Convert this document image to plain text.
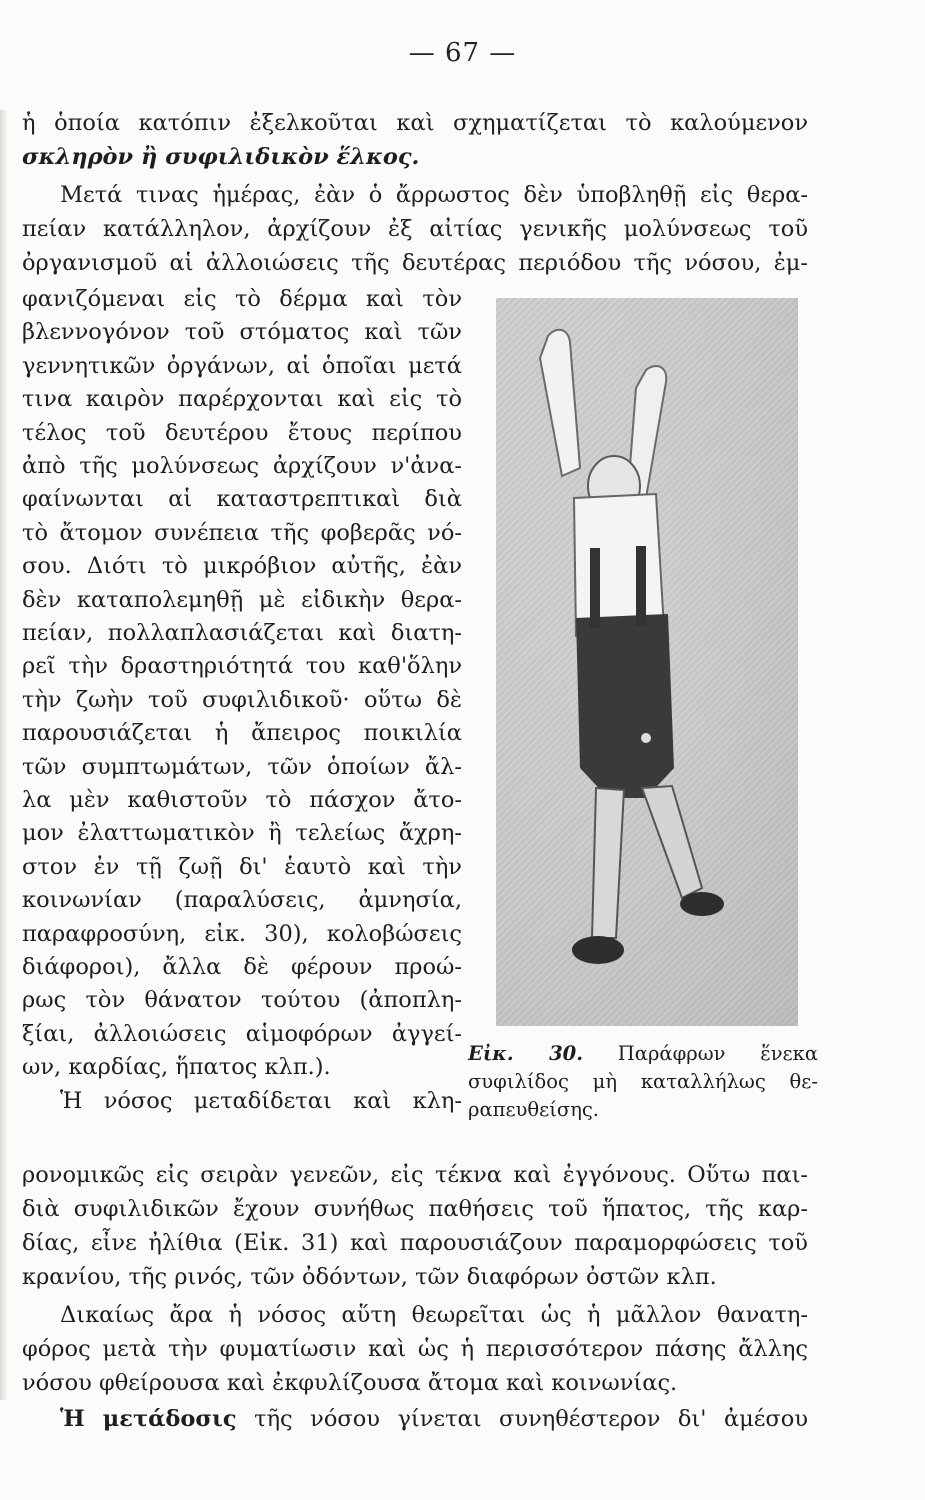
— 67 —
ἡ ὁποία κατόπιν ἐξελκοῦται καὶ σχηματίζεται τὸ καλούμενον
σκληρὸν ἢ συφιλιδικὸν ἕλκος.
Μετά τινας ἡμέρας, ἐὰν ὁ ἄρρωστος δὲν ὑποβληθῇ εἰς θερα-
πείαν κατάλληλον, ἀρχίζουν ἐξ αἰτίας γενικῆς μολύνσεως τοῦ
ὀργανισμοῦ αἱ ἀλλοιώσεις τῆς δευτέρας περιόδου τῆς νόσου, ἐμ-
Εἰκ. 30. Παράφρων ἕνεκα
συφιλίδος μὴ καταλλήλως θε-
ραπευθείσης.
ρονομικῶς εἰς σειρὰν γενεῶν, εἰς τέκνα καὶ ἐγγόνους. Οὕτω παι-
διὰ συφιλιδικῶν ἔχουν συνήθως παθήσεις τοῦ ἥπατος, τῆς καρ-
δίας, εἶνε ἠλίθια (Εἰκ. 31) καὶ παρουσιάζουν παραμορφώσεις τοῦ
κρανίου, τῆς ρινός, τῶν ὀδόντων, τῶν διαφόρων ὀστῶν κλπ.
Δικαίως ἄρα ἡ νόσος αὕτη θεωρεῖται ὡς ἡ μᾶλλον θανατη-
φόρος μετὰ τὴν φυματίωσιν καὶ ὡς ἡ περισσότερον πάσης ἄλλης
νόσου φθείρουσα καὶ ἐκφυλίζουσα ἄτομα καὶ κοινωνίας.
Ἡ μετάδοσις τῆς νόσου γίνεται συνηθέστερον δι' ἀμέσου
φανιζόμεναι εἰς τὸ δέρμα καὶ τὸν
βλεννογόνον τοῦ στόματος καὶ τῶν
γεννητικῶν ὀργάνων, αἱ ὁποῖαι μετά
τινα καιρὸν παρέρχονται καὶ εἰς τὸ
τέλος τοῦ δευτέρου ἔτους περίπου
ἀπὸ τῆς μολύνσεως ἀρχίζουν ν'ἀνα-
φαίνωνται αἱ καταστρεπτικαὶ διὰ
τὸ ἄτομον συνέπεια τῆς φοβερᾶς νό-
σου. Διότι τὸ μικρόβιον αὐτῆς, ἐὰν
δὲν καταπολεμηθῇ μὲ εἰδικὴν θερα-
πείαν, πολλαπλασιάζεται καὶ διατη-
ρεῖ τὴν δραστηριότητά του καθ'ὅλην
τὴν ζωὴν τοῦ συφιλιδικοῦ· οὕτω δὲ
παρουσιάζεται ἡ ἄπειρος ποικιλία
τῶν συμπτωμάτων, τῶν ὁποίων ἄλ-
λα μὲν καθιστοῦν τὸ πάσχον ἄτο-
μον ἐλαττωματικὸν ἢ τελείως ἄχρη-
στον ἐν τῇ ζωῇ δι' ἑαυτὸ καὶ τὴν
κοινωνίαν (παραλύσεις, ἀμνησία,
παραφροσύνη, εἰκ. 30), κολοβώσεις
διάφοροι), ἄλλα δὲ φέρουν προώ-
ρως τὸν θάνατον τούτου (ἀποπλη-
ξίαι, ἀλλοιώσεις αἱμοφόρων ἀγγεί-
ων, καρδίας, ἥπατος κλπ.).
Ἡ νόσος μεταδίδεται καὶ κλη-
